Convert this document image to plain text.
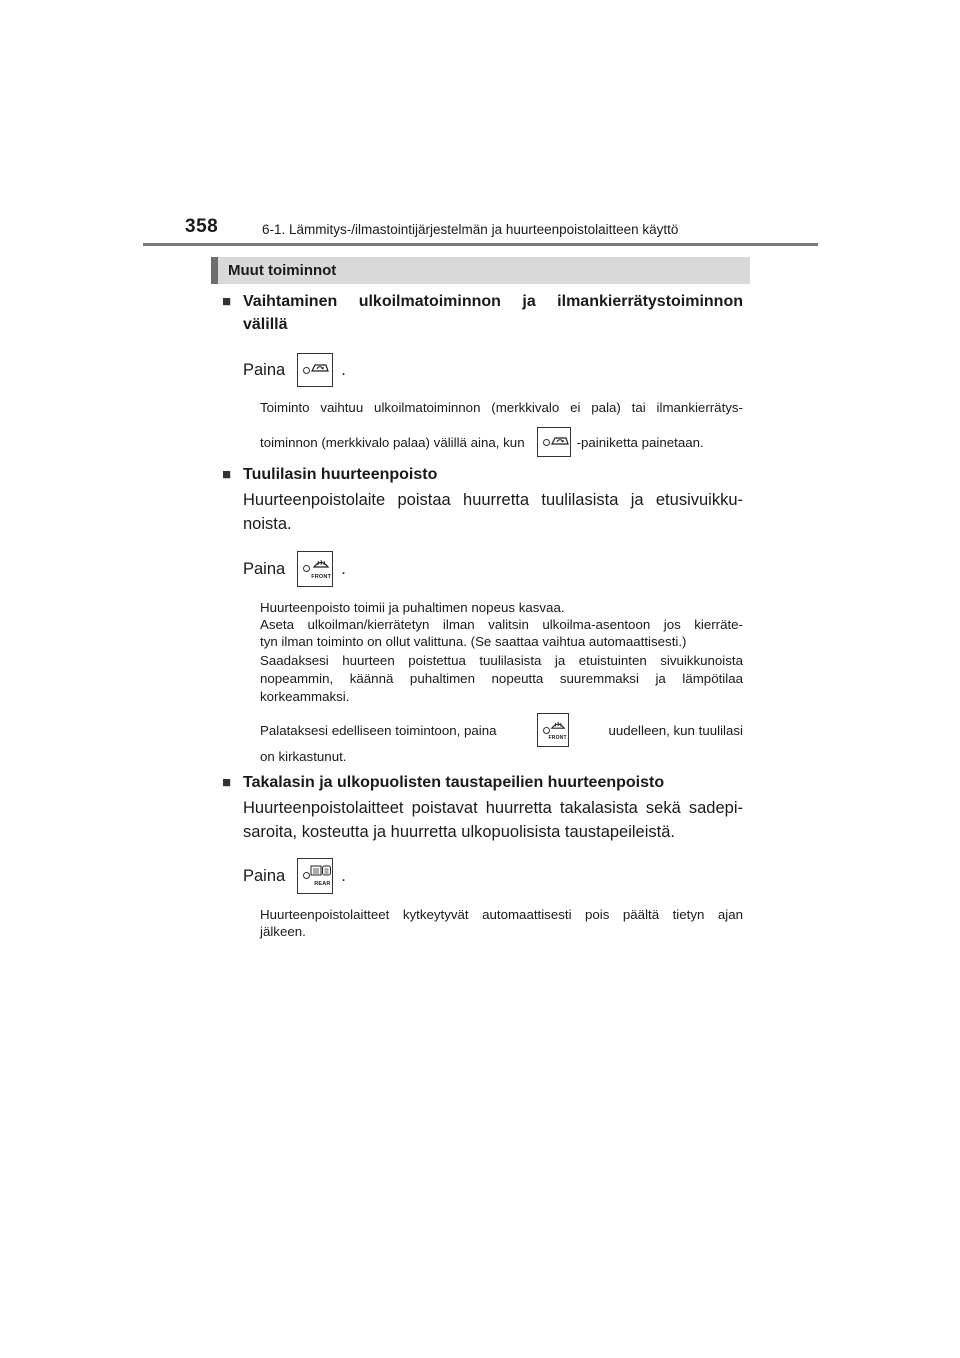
358	6-1. Lämmitys-/ilmastointijärjestelmän ja huurteenpoistolaitteen käyttö
Muut toiminnot
■ Vaihtaminen ulkoilmatoiminnon ja ilmankierrätystoiminnon
välillä
Paina	.
Toiminto vaihtuu ulkoilmatoiminnon (merkkivalo ei pala) tai ilmankierrätys-
toiminnon (merkkivalo palaa) välillä aina, kun	-painiketta painetaan.
■ Tuulilasin huurteenpoisto
Huurteenpoistolaite poistaa huurretta tuulilasista ja etusivuikku-
noista.
Paina	FRONT .
Huurteenpoisto toimii ja puhaltimen nopeus kasvaa.
Aseta ulkoilman/kierrätetyn ilman valitsin ulkoilma-asentoon jos kierräte-
tyn ilman toiminto on ollut valittuna. (Se saattaa vaihtua automaattisesti.)
Saadaksesi huurteen poistettua tuulilasista ja etuistuinten sivuikkunoista
nopeammin, käännä puhaltimen nopeutta suuremmaksi ja lämpötilaa
korkeammaksi.
Palataksesi edelliseen toimintoon, paina
FRONT
uudelleen, kun tuulilasi
on kirkastunut.
■ Takalasin ja ulkopuolisten taustapeilien huurteenpoisto
Huurteenpoistolaitteet poistavat huurretta takalasista sekä sadepi-
saroita, kosteutta ja huurretta ulkopuolisista taustapeileistä.
Paina	REAR .
Huurteenpoistolaitteet kytkeytyvät automaattisesti pois päältä tietyn ajan
jälkeen.
